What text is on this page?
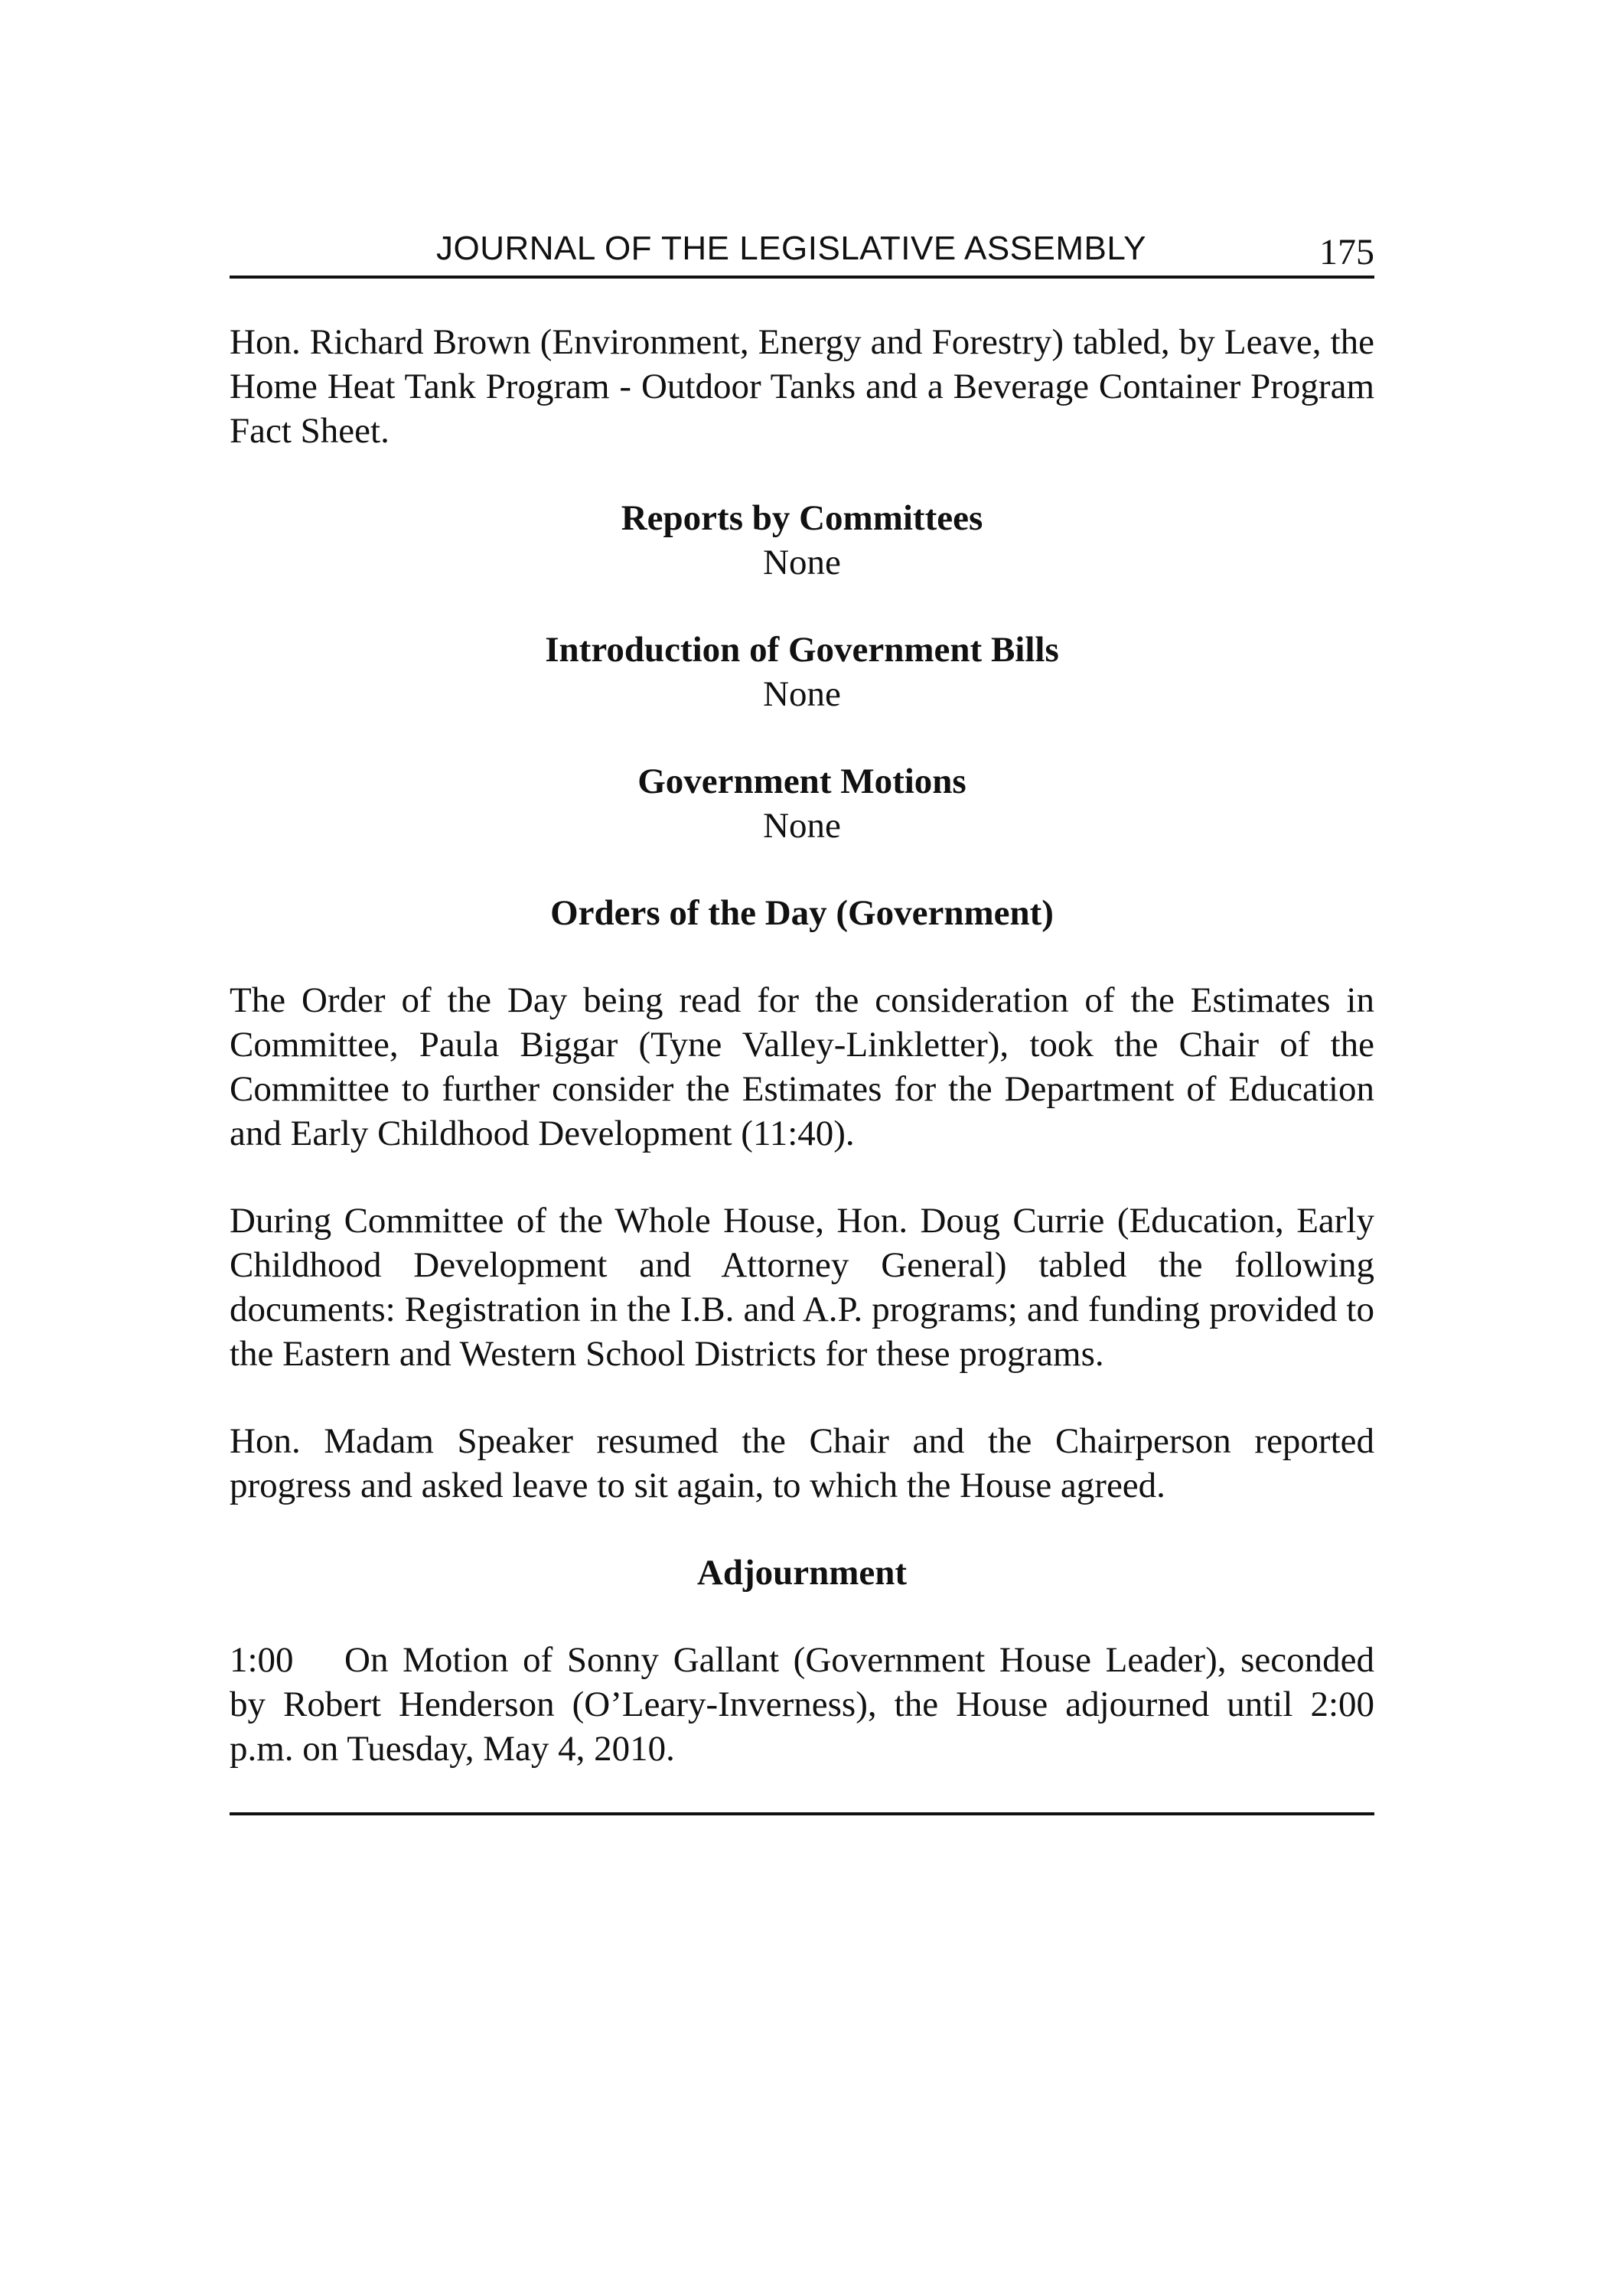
JOURNAL OF THE LEGISLATIVE ASSEMBLY	175

Hon. Richard Brown (Environment, Energy and Forestry) tabled, by Leave, the Home Heat Tank Program - Outdoor Tanks and a Beverage Container Program Fact Sheet.

Reports by Committees

None

Introduction of Government Bills

None

Government Motions

None

Orders of the Day (Government)

The Order of the Day being read for the consideration of the Estimates in Committee, Paula Biggar (Tyne Valley-Linkletter), took the Chair of the Committee to further consider the Estimates for the Department of Education and Early Childhood Development (11:40).

During Committee of the Whole House, Hon. Doug Currie (Education, Early Childhood Development and Attorney General) tabled the following documents: Registration in the I.B. and A.P. programs; and funding provided to the Eastern and Western School Districts for these programs.

Hon. Madam Speaker resumed the Chair and the Chairperson reported progress and asked leave to sit again, to which the House agreed.

Adjournment

1:00 On Motion of Sonny Gallant (Government House Leader), seconded by Robert Henderson (O’Leary-Inverness), the House adjourned until 2:00 p.m. on Tuesday, May 4, 2010.
